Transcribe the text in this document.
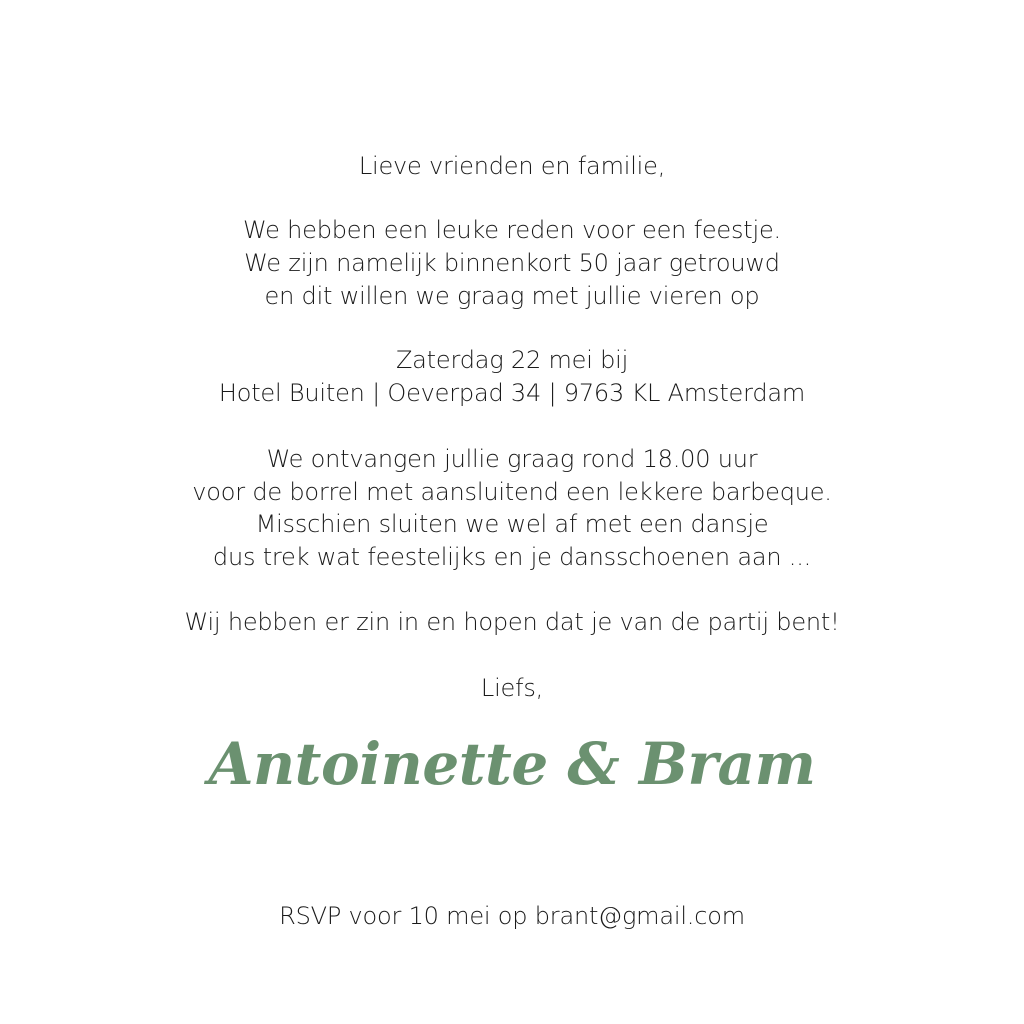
Lieve vrienden en familie,
We hebben een leuke reden voor een feestje.
We zijn namelijk binnenkort 50 jaar getrouwd
en dit willen we graag met jullie vieren op
Zaterdag 22 mei bij
Hotel Buiten | Oeverpad 34 | 9763 KL Amsterdam
We ontvangen jullie graag rond 18.00 uur
voor de borrel met aansluitend een lekkere barbeque.
Misschien sluiten we wel af met een dansje
dus trek wat feestelijks en je dansschoenen aan ...
Wij hebben er zin in en hopen dat je van de partij bent!
Liefs,
Antoinette & Bram
RSVP voor 10 mei op brant@gmail.com
